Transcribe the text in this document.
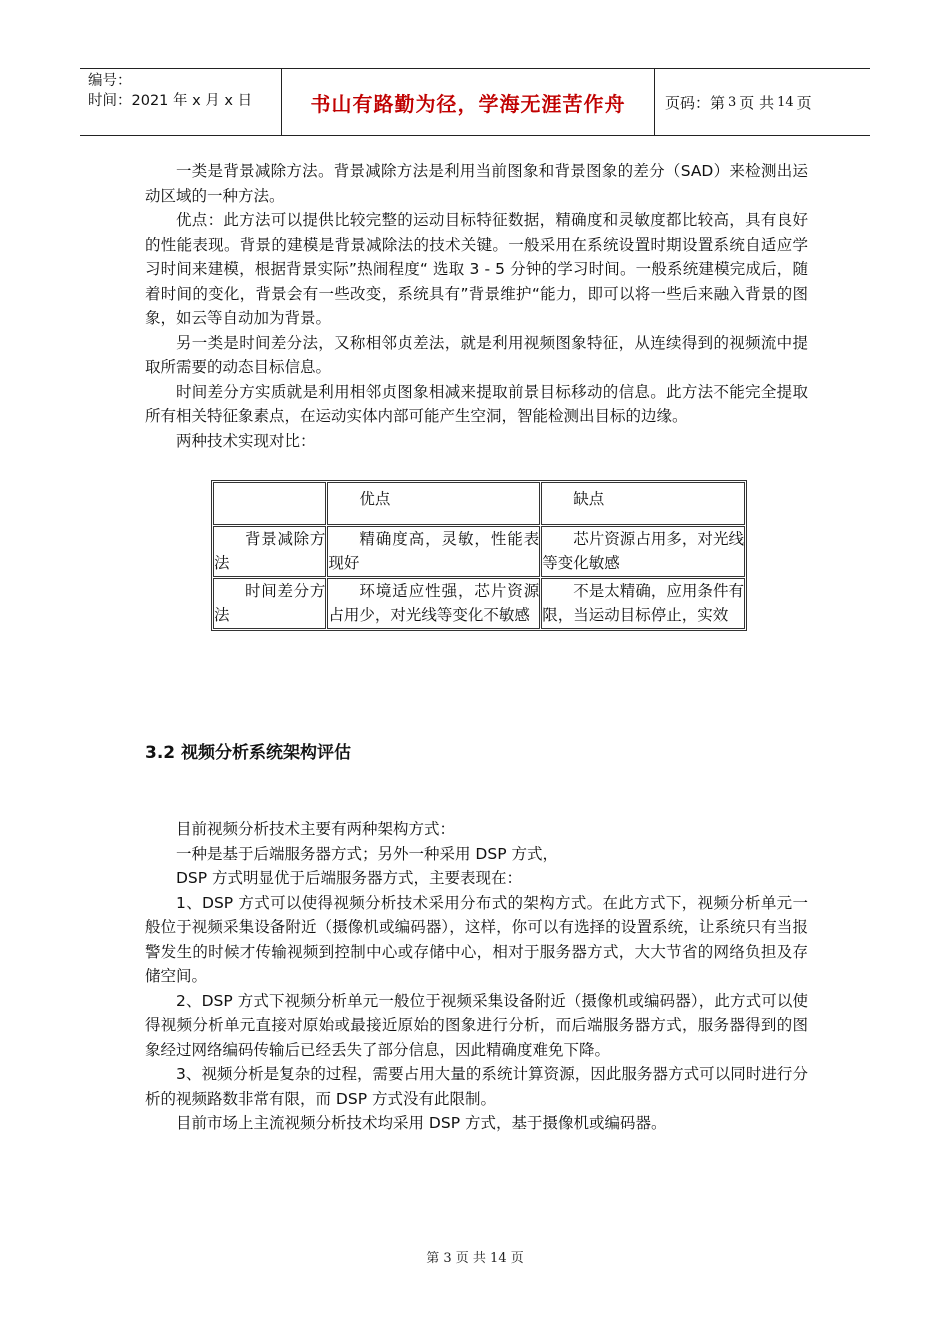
编号：
时间：2021 年 x 月 x 日	书山有路勤为径，学海无涯苦作舟	页码：第 3 页 共 14 页

一类是背景减除方法。背景减除方法是利用当前图象和背景图象的差分（SAD）来检测出运动区域的一种方法。

优点：此方法可以提供比较完整的运动目标特征数据，精确度和灵敏度都比较高，具有良好的性能表现。背景的建模是背景减除法的技术关键。一般采用在系统设置时期设置系统自适应学习时间来建模，根据背景实际”热闹程度“ 选取 3 - 5 分钟的学习时间。一般系统建模完成后，随着时间的变化，背景会有一些改变，系统具有”背景维护“能力，即可以将一些后来融入背景的图象，如云等自动加为背景。

另一类是时间差分法，又称相邻贞差法，就是利用视频图象特征，从连续得到的视频流中提取所需要的动态目标信息。

时间差分方实质就是利用相邻贞图象相减来提取前景目标移动的信息。此方法不能完全提取所有相关特征象素点，在运动实体内部可能产生空洞，智能检测出目标的边缘。

两种技术实现对比：

	优点	缺点
背景减除方法	精确度高，灵敏，性能表现好	芯片资源占用多，对光线等变化敏感
时间差分方法	环境适应性强，芯片资源占用少，对光线等变化不敏感	不是太精确，应用条件有限，当运动目标停止，实效
3.2 视频分析系统架构评估

目前视频分析技术主要有两种架构方式：

一种是基于后端服务器方式；另外一种采用 DSP 方式，

DSP 方式明显优于后端服务器方式，主要表现在：

1、DSP 方式可以使得视频分析技术采用分布式的架构方式。在此方式下，视频分析单元一般位于视频采集设备附近（摄像机或编码器），这样，你可以有选择的设置系统，让系统只有当报警发生的时候才传输视频到控制中心或存储中心，相对于服务器方式，大大节省的网络负担及存储空间。

2、DSP 方式下视频分析单元一般位于视频采集设备附近（摄像机或编码器），此方式可以使得视频分析单元直接对原始或最接近原始的图象进行分析，而后端服务器方式，服务器得到的图象经过网络编码传输后已经丢失了部分信息，因此精确度难免下降。

3、视频分析是复杂的过程，需要占用大量的系统计算资源，因此服务器方式可以同时进行分析的视频路数非常有限，而 DSP 方式没有此限制。

目前市场上主流视频分析技术均采用 DSP 方式，基于摄像机或编码器。

第 3 页 共 14 页
